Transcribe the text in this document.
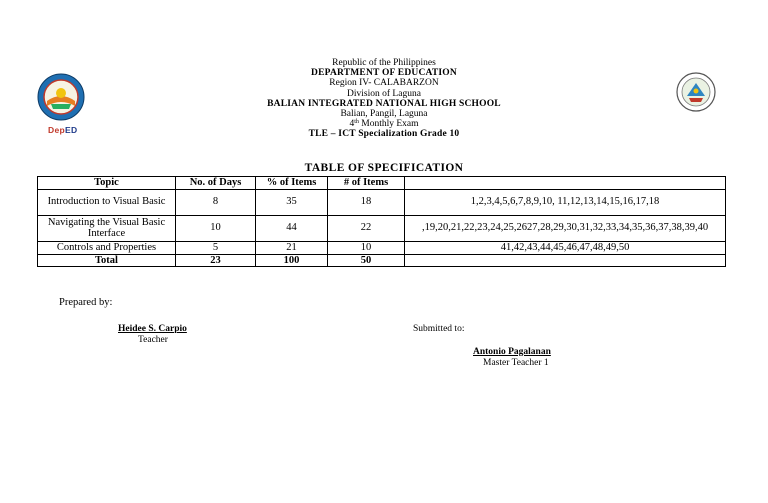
DepED
Republic of the Philippines
DEPARTMENT OF EDUCATION
Region IV- CALABARZON
Division of Laguna
BALIAN INTEGRATED NATIONAL HIGH SCHOOL
Balian, Pangil, Laguna
4th Monthly Exam
TLE – ICT Specialization Grade 10
TABLE OF SPECIFICATION
Topic	No. of Days	% of Items	# of Items	
Introduction to Visual Basic	8	35	18	1,2,3,4,5,6,7,8,9,10, 11,12,13,14,15,16,17,18
Navigating the Visual Basic Interface	10	44	22	,19,20,21,22,23,24,25,2627,28,29,30,31,32,33,34,35,36,37,38,39,40
Controls and Properties	5	21	10	41,42,43,44,45,46,47,48,49,50
Total	23	100	50	
Prepared by:
Heidee S. Carpio
Teacher
Submitted to:
Antonio Pagalanan
Master Teacher 1
